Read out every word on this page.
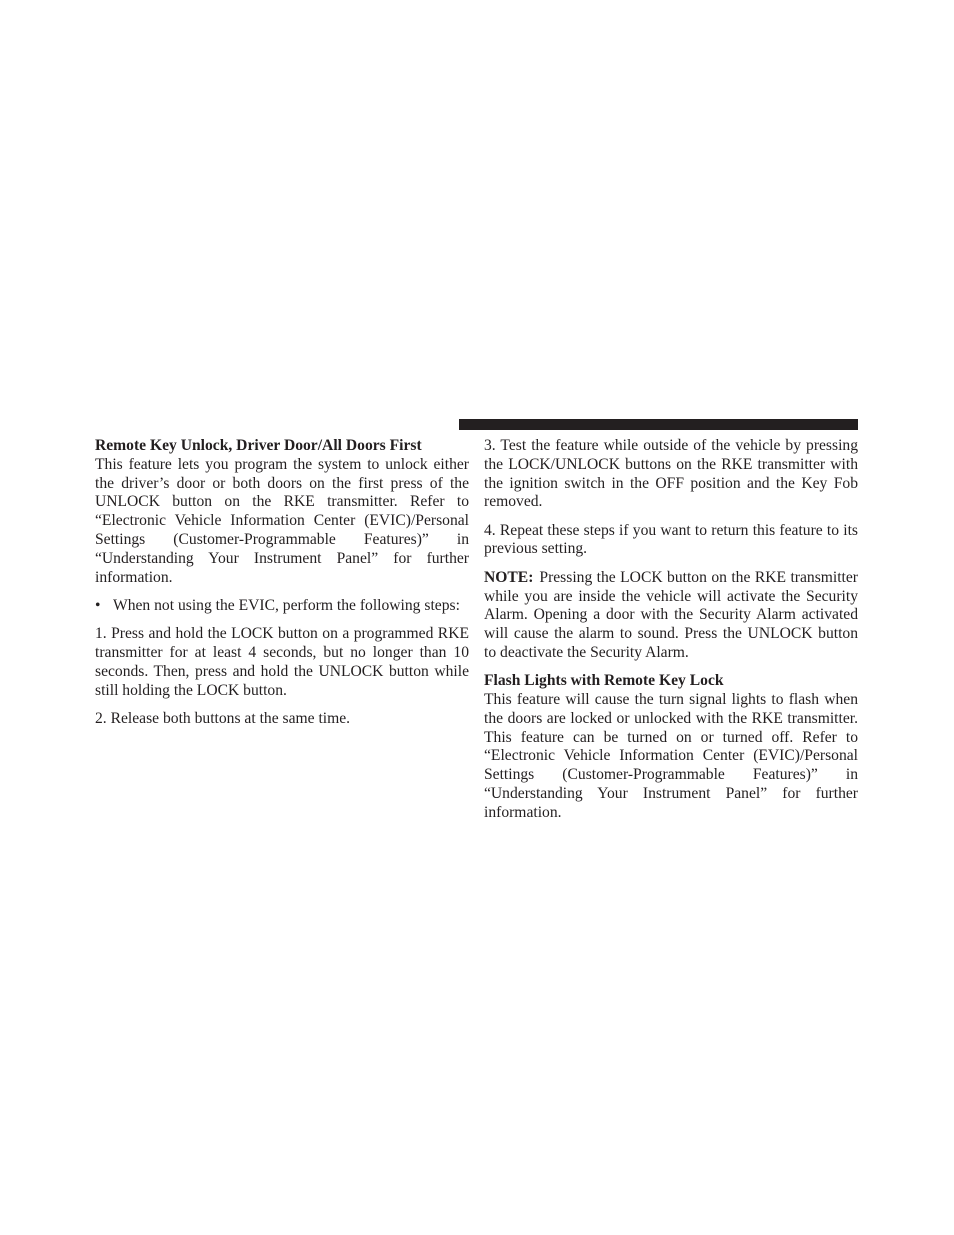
Remote Key Unlock, Driver Door/All Doors First

This feature lets you program the system to unlock either the driver’s door or both doors on the first press of the UNLOCK button on the RKE transmitter. Refer to “Electronic Vehicle Information Center (EVIC)/Personal Settings (Customer-Programmable Features)” in “Understanding Your Instrument Panel” for further information.

• When not using the EVIC, perform the following steps:

1. Press and hold the LOCK button on a programmed RKE transmitter for at least 4 seconds, but no longer than 10 seconds. Then, press and hold the UNLOCK button while still holding the LOCK button.

2. Release both buttons at the same time.

3. Test the feature while outside of the vehicle by pressing the LOCK/UNLOCK buttons on the RKE transmitter with the ignition switch in the OFF position and the Key Fob removed.

4. Repeat these steps if you want to return this feature to its previous setting.

NOTE: Pressing the LOCK button on the RKE transmitter while you are inside the vehicle will activate the Security Alarm. Opening a door with the Security Alarm activated will cause the alarm to sound. Press the UNLOCK button to deactivate the Security Alarm.

Flash Lights with Remote Key Lock

This feature will cause the turn signal lights to flash when the doors are locked or unlocked with the RKE transmitter. This feature can be turned on or turned off. Refer to “Electronic Vehicle Information Center (EVIC)/Personal Settings (Customer-Programmable Features)” in “Understanding Your Instrument Panel” for further information.
